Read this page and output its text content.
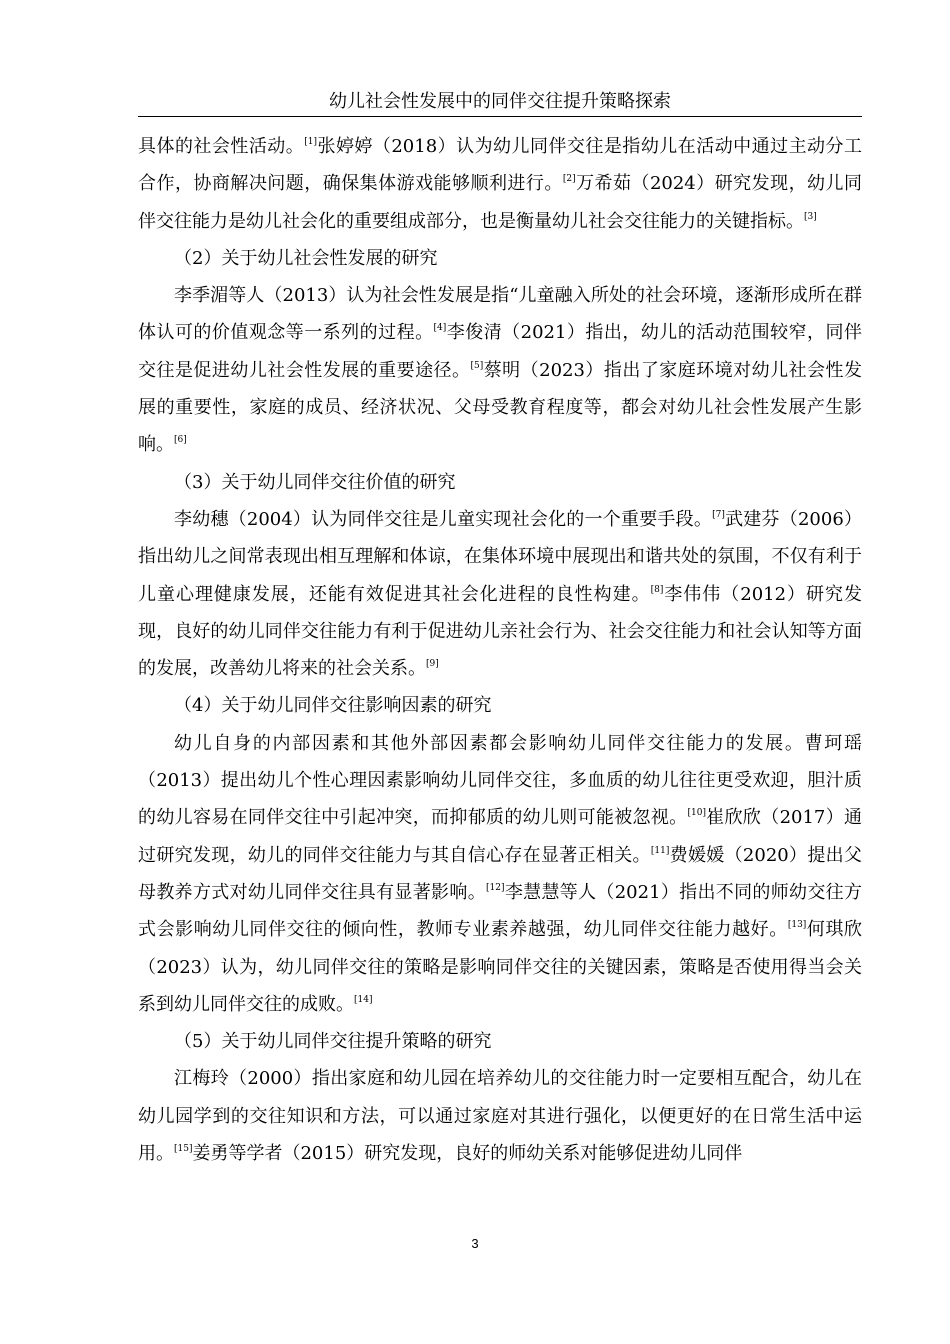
幼儿社会性发展中的同伴交往提升策略探索

具体的社会性活动。[1]张婷婷（2018）认为幼儿同伴交往是指幼儿在活动中通过主动分工合作，协商解决问题，确保集体游戏能够顺利进行。[2]万希茹（2024）研究发现，幼儿同伴交往能力是幼儿社会化的重要组成部分，也是衡量幼儿社会交往能力的关键指标。[3]

（2）关于幼儿社会性发展的研究

李季湄等人（2013）认为社会性发展是指“儿童融入所处的社会环境，逐渐形成所在群体认可的价值观念等一系列的过程。[4]李俊清（2021）指出，幼儿的活动范围较窄，同伴交往是促进幼儿社会性发展的重要途径。[5]蔡明（2023）指出了家庭环境对幼儿社会性发展的重要性，家庭的成员、经济状况、父母受教育程度等，都会对幼儿社会性发展产生影响。[6]

（3）关于幼儿同伴交往价值的研究

李幼穗（2004）认为同伴交往是儿童实现社会化的一个重要手段。[7]武建芬（2006）指出幼儿之间常表现出相互理解和体谅，在集体环境中展现出和谐共处的氛围，不仅有利于儿童心理健康发展，还能有效促进其社会化进程的良性构建。[8]李伟伟（2012）研究发现，良好的幼儿同伴交往能力有利于促进幼儿亲社会行为、社会交往能力和社会认知等方面的发展，改善幼儿将来的社会关系。[9]

（4）关于幼儿同伴交往影响因素的研究

幼儿自身的内部因素和其他外部因素都会影响幼儿同伴交往能力的发展。曹珂瑶（2013）提出幼儿个性心理因素影响幼儿同伴交往，多血质的幼儿往往更受欢迎，胆汁质的幼儿容易在同伴交往中引起冲突，而抑郁质的幼儿则可能被忽视。[10]崔欣欣（2017）通过研究发现，幼儿的同伴交往能力与其自信心存在显著正相关。[11]费媛媛（2020）提出父母教养方式对幼儿同伴交往具有显著影响。[12]李慧慧等人（2021）指出不同的师幼交往方式会影响幼儿同伴交往的倾向性，教师专业素养越强，幼儿同伴交往能力越好。[13]何琪欣（2023）认为，幼儿同伴交往的策略是影响同伴交往的关键因素，策略是否使用得当会关系到幼儿同伴交往的成败。[14]

（5）关于幼儿同伴交往提升策略的研究

江梅玲（2000）指出家庭和幼儿园在培养幼儿的交往能力时一定要相互配合，幼儿在幼儿园学到的交往知识和方法，可以通过家庭对其进行强化，以便更好的在日常生活中运用。[15]姜勇等学者（2015）研究发现，良好的师幼关系对能够促进幼儿同伴

3
